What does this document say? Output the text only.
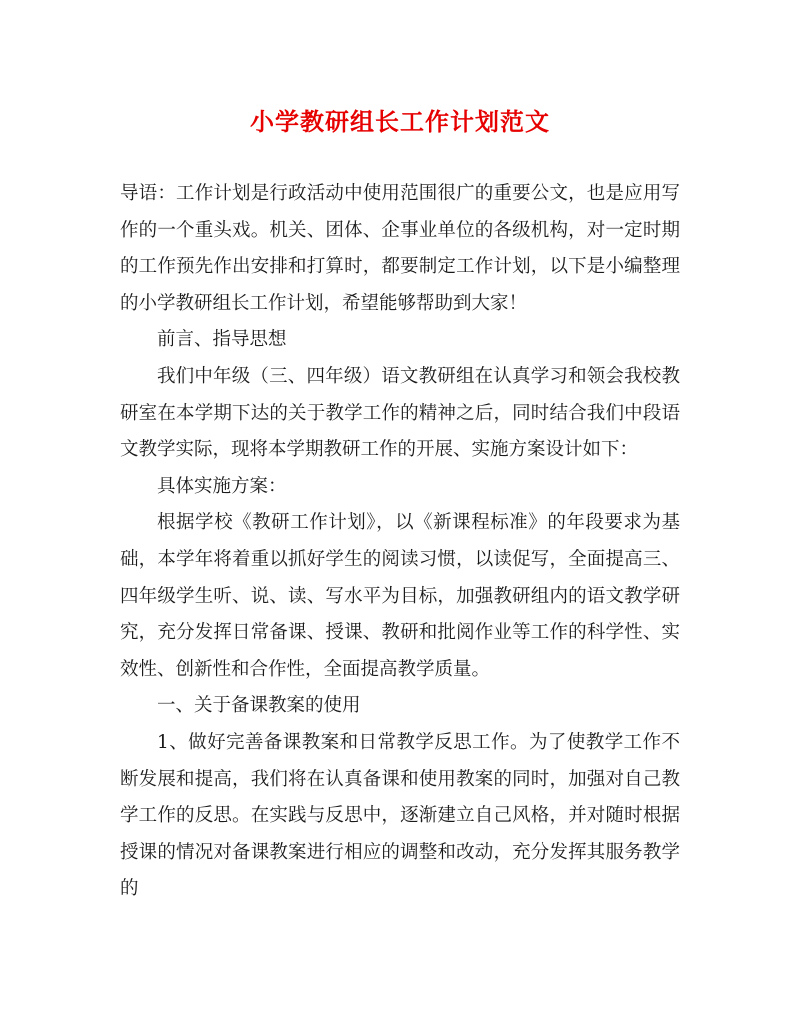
小学教研组长工作计划范文

导语：工作计划是行政活动中使用范围很广的重要公文，也是应用写作的一个重头戏。机关、团体、企事业单位的各级机构，对一定时期的工作预先作出安排和打算时，都要制定工作计划，以下是小编整理的小学教研组长工作计划，希望能够帮助到大家！

前言、指导思想

我们中年级（三、四年级）语文教研组在认真学习和领会我校教研室在本学期下达的关于教学工作的精神之后，同时结合我们中段语文教学实际，现将本学期教研工作的开展、实施方案设计如下：

具体实施方案：

根据学校《教研工作计划》，以《新课程标准》的年段要求为基础，本学年将着重以抓好学生的阅读习惯，以读促写，全面提高三、四年级学生听、说、读、写水平为目标，加强教研组内的语文教学研究，充分发挥日常备课、授课、教研和批阅作业等工作的科学性、实效性、创新性和合作性，全面提高教学质量。

一、关于备课教案的使用

1、做好完善备课教案和日常教学反思工作。为了使教学工作不断发展和提高，我们将在认真备课和使用教案的同时，加强对自己教学工作的反思。在实践与反思中，逐渐建立自己风格，并对随时根据授课的情况对备课教案进行相应的调整和改动，充分发挥其服务教学的
